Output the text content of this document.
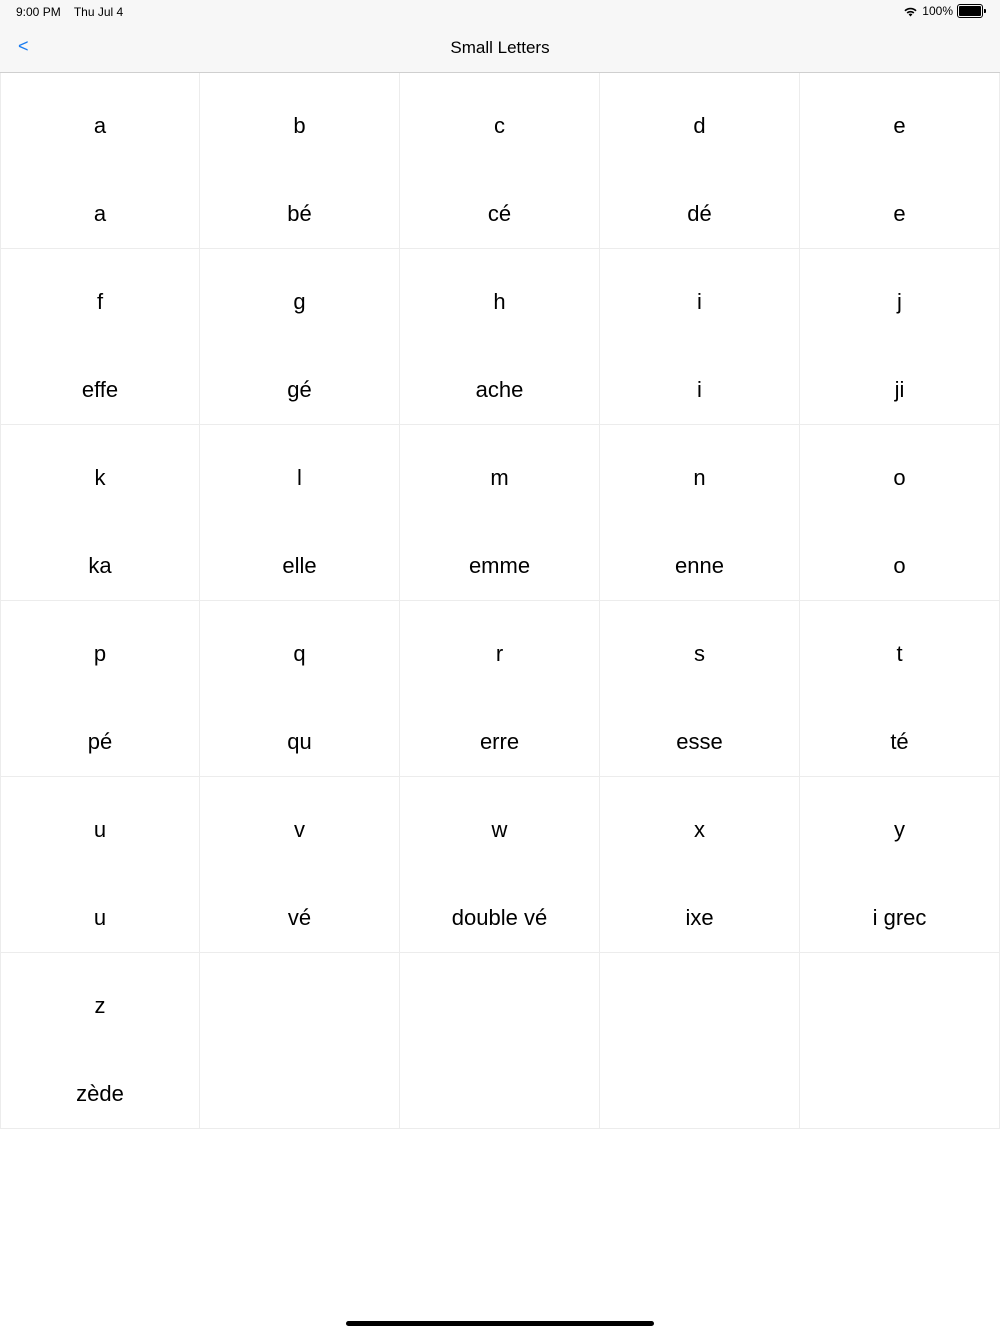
9:00 PM Thu Jul 4	100%
<	Small Letters
a
a
b
bé
c
cé
d
dé
e
e
f
effe
g
gé
h
ache
i
i
j
ji
k
ka
l
elle
m
emme
n
enne
o
o
p
pé
q
qu
r
erre
s
esse
t
té
u
u
v
vé
w
double vé
x
ixe
y
i grec
z
zède
